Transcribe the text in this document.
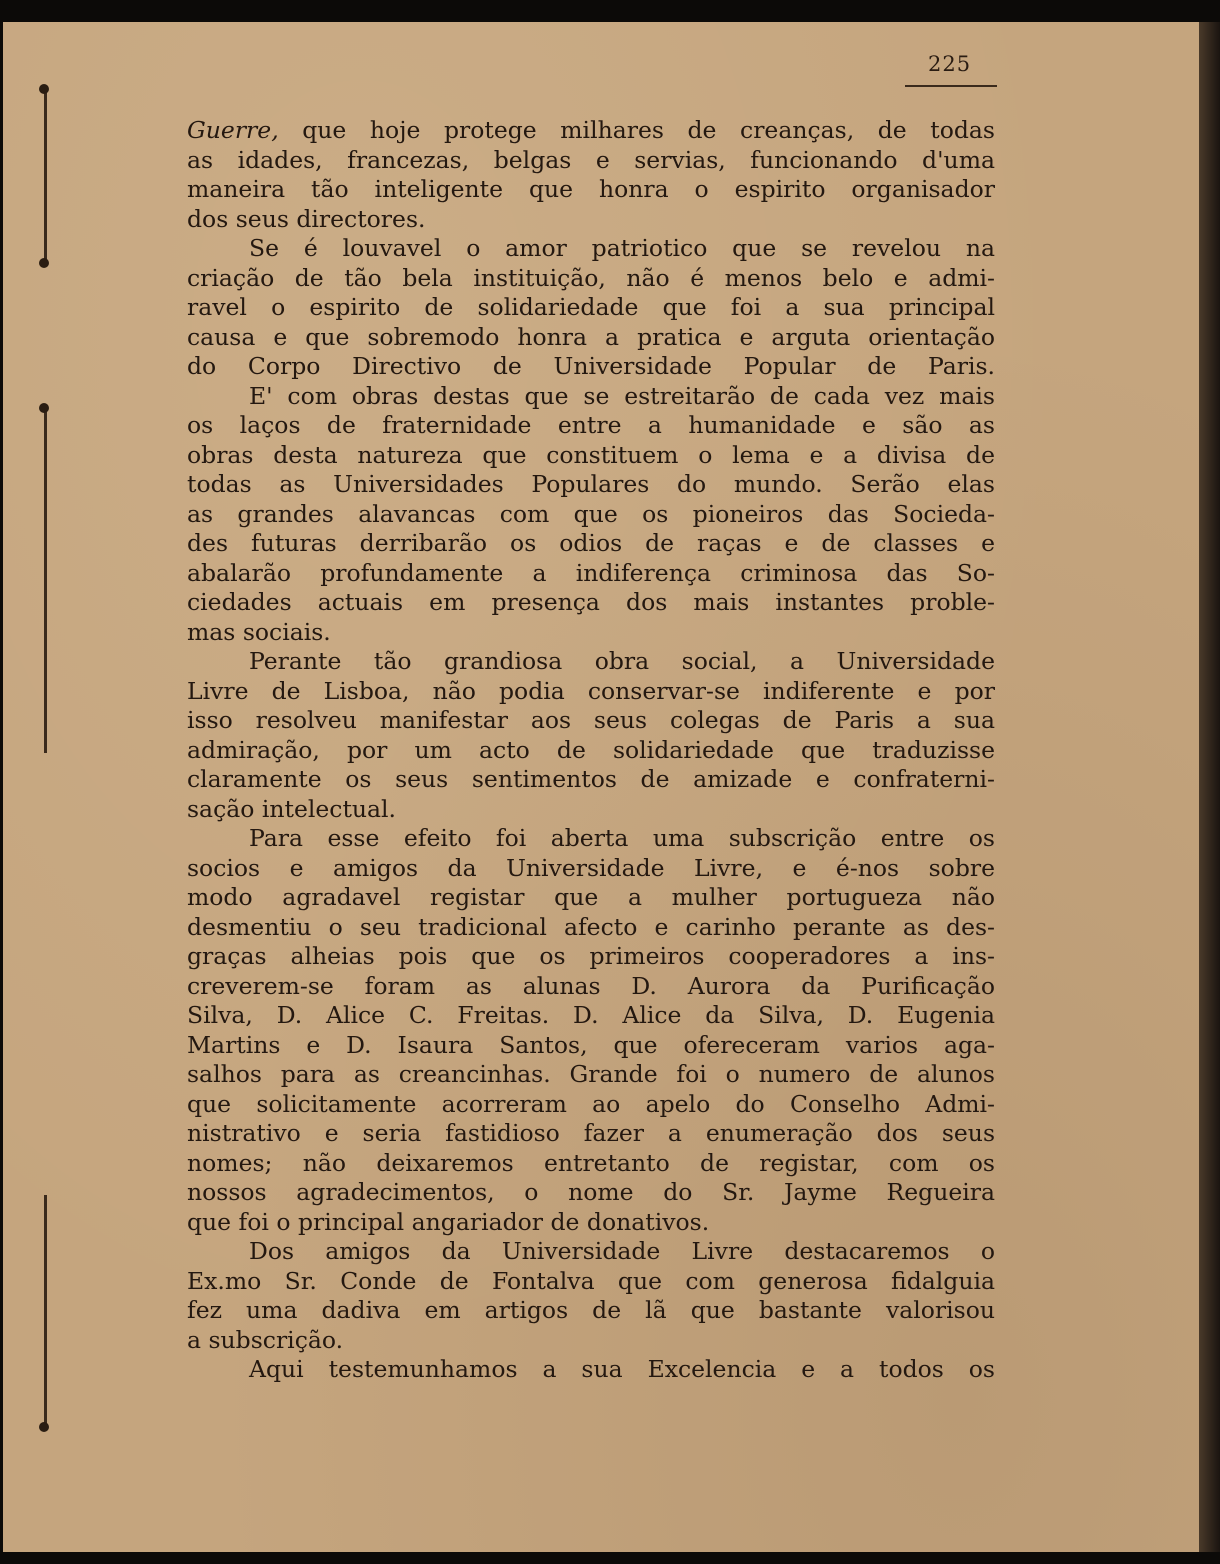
225
Guerre, que hoje protege milhares de creanças, de todas
as idades, francezas, belgas e servias, funcionando d'uma
maneira tão inteligente que honra o espirito organisador
dos seus directores.
Se é louvavel o amor patriotico que se revelou na
criação de tão bela instituição, não é menos belo e admi-
ravel o espirito de solidariedade que foi a sua principal
causa e que sobremodo honra a pratica e arguta orientação
do Corpo Directivo de Universidade Popular de Paris.
E' com obras destas que se estreitarão de cada vez mais
os laços de fraternidade entre a humanidade e são as
obras desta natureza que constituem o lema e a divisa de
todas as Universidades Populares do mundo. Serão elas
as grandes alavancas com que os pioneiros das Socieda-
des futuras derribarão os odios de raças e de classes e
abalarão profundamente a indiferença criminosa das So-
ciedades actuais em presença dos mais instantes proble-
mas sociais.
Perante tão grandiosa obra social, a Universidade
Livre de Lisboa, não podia conservar-se indiferente e por
isso resolveu manifestar aos seus colegas de Paris a sua
admiração, por um acto de solidariedade que traduzisse
claramente os seus sentimentos de amizade e confraterni-
sação intelectual.
Para esse efeito foi aberta uma subscrição entre os
socios e amigos da Universidade Livre, e é-nos sobre
modo agradavel registar que a mulher portugueza não
desmentiu o seu tradicional afecto e carinho perante as des-
graças alheias pois que os primeiros cooperadores a ins-
creverem-se foram as alunas D. Aurora da Purificação
Silva, D. Alice C. Freitas. D. Alice da Silva, D. Eugenia
Martins e D. Isaura Santos, que ofereceram varios aga-
salhos para as creancinhas. Grande foi o numero de alunos
que solicitamente acorreram ao apelo do Conselho Admi-
nistrativo e seria fastidioso fazer a enumeração dos seus
nomes; não deixaremos entretanto de registar, com os
nossos agradecimentos, o nome do Sr. Jayme Regueira
que foi o principal angariador de donativos.
Dos amigos da Universidade Livre destacaremos o
Ex.mo Sr. Conde de Fontalva que com generosa fidalguia
fez uma dadiva em artigos de lã que bastante valorisou
a subscrição.
Aqui testemunhamos a sua Excelencia e a todos os
